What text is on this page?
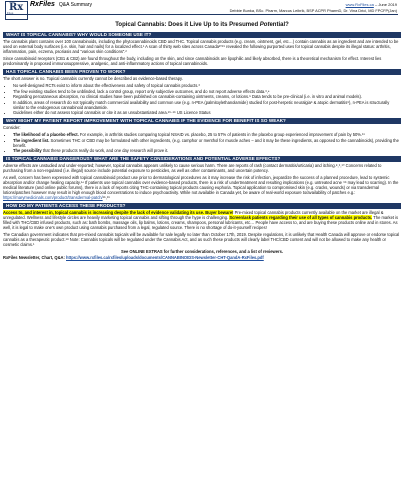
Rx
Files
RxFiles Q&A Summary	www.RxFiles.ca – June 2019
Debbie Bunka, BSc. Pharm, Marcus Leibrik, BSP ACPR PharmD, Dr. Vina Drici, MD FPCFP(Jan)
Topical Cannabis: Does it Live Up to its Presumed Potential?
WHAT IS TOPICAL CANNABIS? WHY WOULD SOMEONE USE IT?

The cannabis plant contains over 100 cannabinoids, including the phytocannabinoids CBD and THC. Topical cannabis products (e.g. cream, ointment, gel, etc…) contain cannabis as an ingredient and are intended to be used on external body surfaces (i.e. skin, hair and nails) for a localized effect.¹ A scan of thirty web sites across Canada²⁰¹⁹ revealed the following purported uses for topical cannabis despite its illegal status: arthritis, inflammation, pain, eczema, psoriasis and “various skin conditions”.²

Since cannabinoid receptors (CB1 & CB2) are found throughout the body, including on the skin, and since cannabinoids are lipophilic and likely absorbed, there is a theoretical mechanism for effect. Interest lies predominantly in proposed immunosuppressive, analgesic, and anti-inflammatory actions of topical cannabinoids.

HAS TOPICAL CANNABIS BEEN PROVEN TO WORK?

The short answer is no. Topical cannabis currently cannot be described as evidence-based therapy.

• No well-designed RCTs exist to inform about the effectiveness and safety of topical cannabis products.³
• The few existing studies tend to be unblinded, lack a control group, report only subjective outcomes, and do not report adverse effects data.³,⁴
• Regarding percutaneous absorption, no clinical studies have been published on cannabis-containing ointments, creams, or lotions.⁵ Data tends to be pre-clinical (i.e. in vitro and animal models).
• In addition, areas of research do not typically match commercial availability and common use (e.g. n-PEA (palmitoylethanolamide) studied for post-herpetic neuralgia⁶ & atopic dermatitis⁶), n-PEA is structurally similar to the endogenous cannabinoid anandamide.
• Guidelines either do not assess topical cannabis or cite it as an unsubstantiated area.¹³⁻¹⁶ US Licence Status
WHY MIGHT MY PATIENT REPORT IMPROVEMENT WITH TOPICAL CANNABIS IF THE EVIDENCE FOR BENEFIT IS SO WEAK?

Consider:

• The likelihood of a placebo effect. For example, in arthritis studies comparing topical NSAID vs. placebo, 25 to 57% of patients in the placebo group experienced improvement of pain by 50%.¹¹
• The ingredient list. Sometimes THC or CBD may be formulated with other ingredients, (e.g. camphor or menthol for muscle aches – and it may be these ingredients, as opposed to the cannabinoids), providing the benefit.
• The possibility that these products really do work, and one day research will prove it.
IS TOPICAL CANNABIS DANGEROUS? WHAT ARE THE SAFETY CONSIDERATIONS AND POTENTIAL ADVERSE EFFECTS?

Adverse effects are unstudied and under-reported; however, topical cannabis appears unlikely to cause serious harm. There are reports of rash (contact dermatitis/urticaria) and itching.⁸,⁹,¹⁰ Concerns related to purchasing from a non-regulated (i.e. illegal) source include potential exposure to pesticides, as well as other contaminants, and uncertain potency.

As well, concern has been expressed with topical cannabinoid product use prior to dermatological procedures as it may increase the risk of infection, jeopardize the success of a planned procedure, lead to systemic absorption and/or change healing capacity.¹⁴ If patients use topical cannabis over evidence-based products, there is a risk of undertreatment and resulting implications (e.g. untreated acne ⁹⁶ may lead to scarring). In the medical literature (and online public forums), there is a lack of reports citing THC-containing topical products causing euphoria. Topical application to compromised skin (e.g. cracks, wounds) or via transdermal lotions/patches however may result in high enough blood concentrations to induce psychoactivity. While not available in Canada yet, be aware of real-world exposure to/availability of patches e.g.: https://marymedicinals.com/product/transdermal-patch/¹⁵,¹⁶

HOW DO MY PATIENTS ACCESS THESE PRODUCTS?

Access to, and interest in, topical cannabis is increasing despite the lack of evidence validating its use. Buyer beware! Pre-mixed topical cannabis products currently available on the market are illegal & unregulated. Wellness and lifestyle circles are heavily marketing topical cannabis and sifting through the hype is challenging. Screen/ask patients regarding their use of all types of cannabis products. The market is filled with THC/CBD infused products, such as: bath bombs, massage oils, lip balms, lotions, creams, shampoos, personal lubricants, etc… People have access to, and are buying these products online and in stores. As well, it is legal to make one's own product using cannabis purchased from a legal, regulated source. There is no shortage of do-it-yourself recipes!

The Canadian government indicates that pre-mixed cannabis topicals will be available for sale legally no later than October 17th, 2019. Despite regulations, it is unlikely that Health Canada will approve or endorse topical cannabis as a therapeutic product.¹⁸ Note: Cannabis topicals will be regulated under the Cannabis Act, and as such these products will clearly label THC/CBD content and will not be allowed to make any health or cosmetic claims.¹

See ONLINE EXTRAS for further considerations, references, and a list of reviewers.
RxFiles Newsletter, Chart, Q&A: https://www.rxfiles.ca/rxfiles/uploads/documents/CANNABINOIDS-Newsletter-CHT-QandA-RxFiles.pdf
